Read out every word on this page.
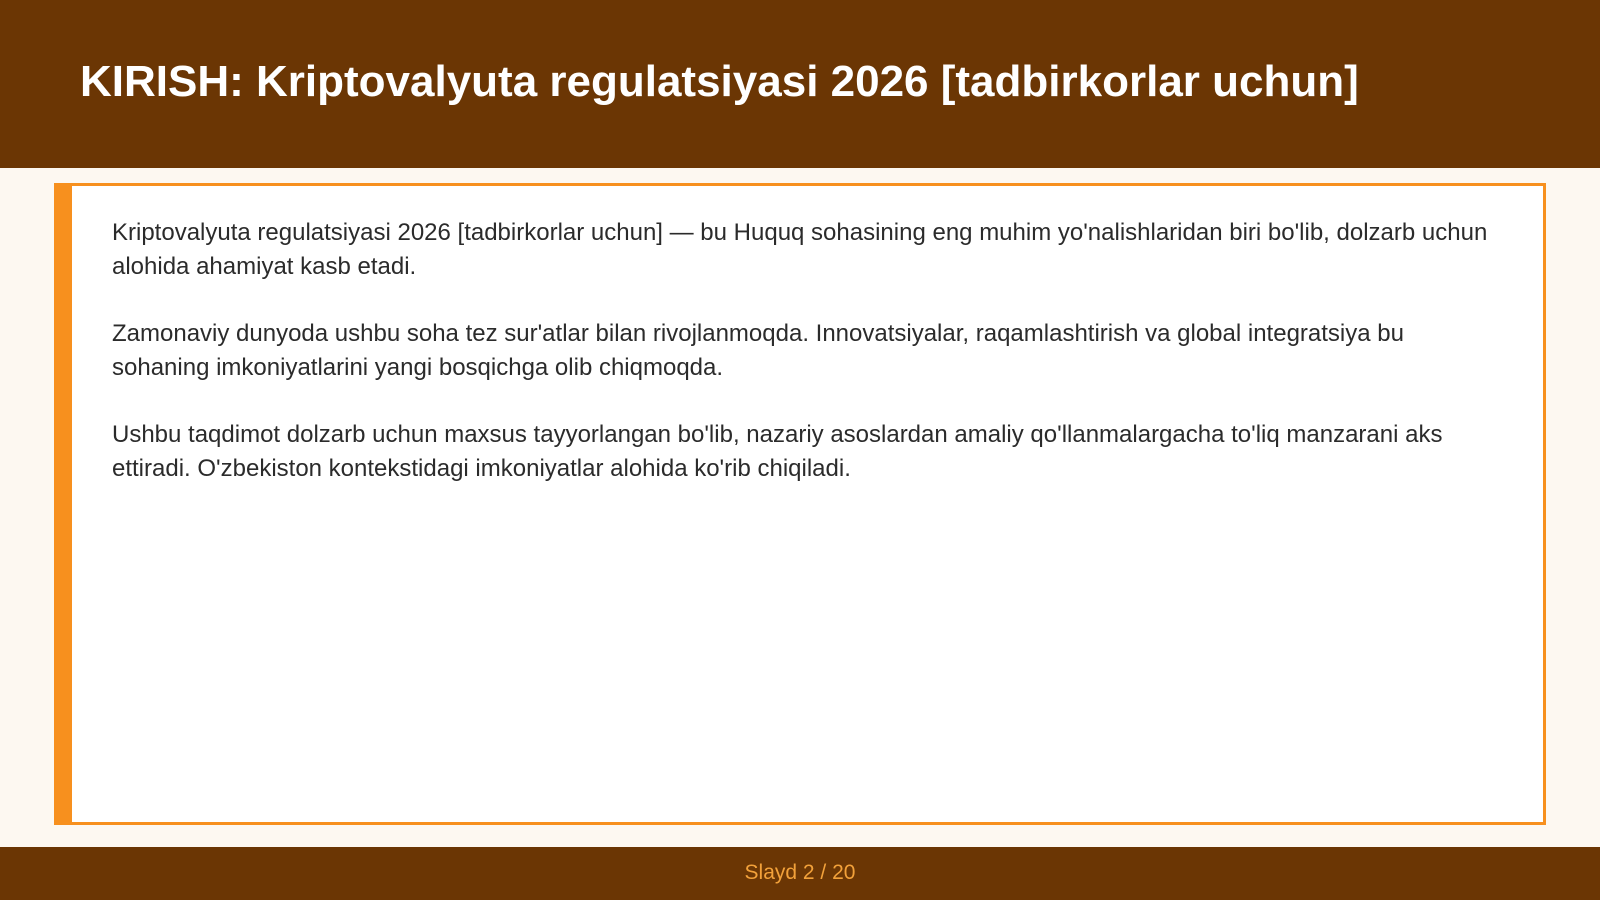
KIRISH: Kriptovalyuta regulatsiyasi 2026 [tadbirkorlar uchun]

Kriptovalyuta regulatsiyasi 2026 [tadbirkorlar uchun] — bu Huquq sohasining eng muhim yo'nalishlaridan biri bo'lib, dolzarb uchun alohida ahamiyat kasb etadi.

Zamonaviy dunyoda ushbu soha tez sur'atlar bilan rivojlanmoqda. Innovatsiyalar, raqamlashtirish va global integratsiya bu sohaning imkoniyatlarini yangi bosqichga olib chiqmoqda.

Ushbu taqdimot dolzarb uchun maxsus tayyorlangan bo'lib, nazariy asoslardan amaliy qo'llanmalargacha to'liq manzarani aks ettiradi. O'zbekiston kontekstidagi imkoniyatlar alohida ko'rib chiqiladi.

Slayd 2 / 20
